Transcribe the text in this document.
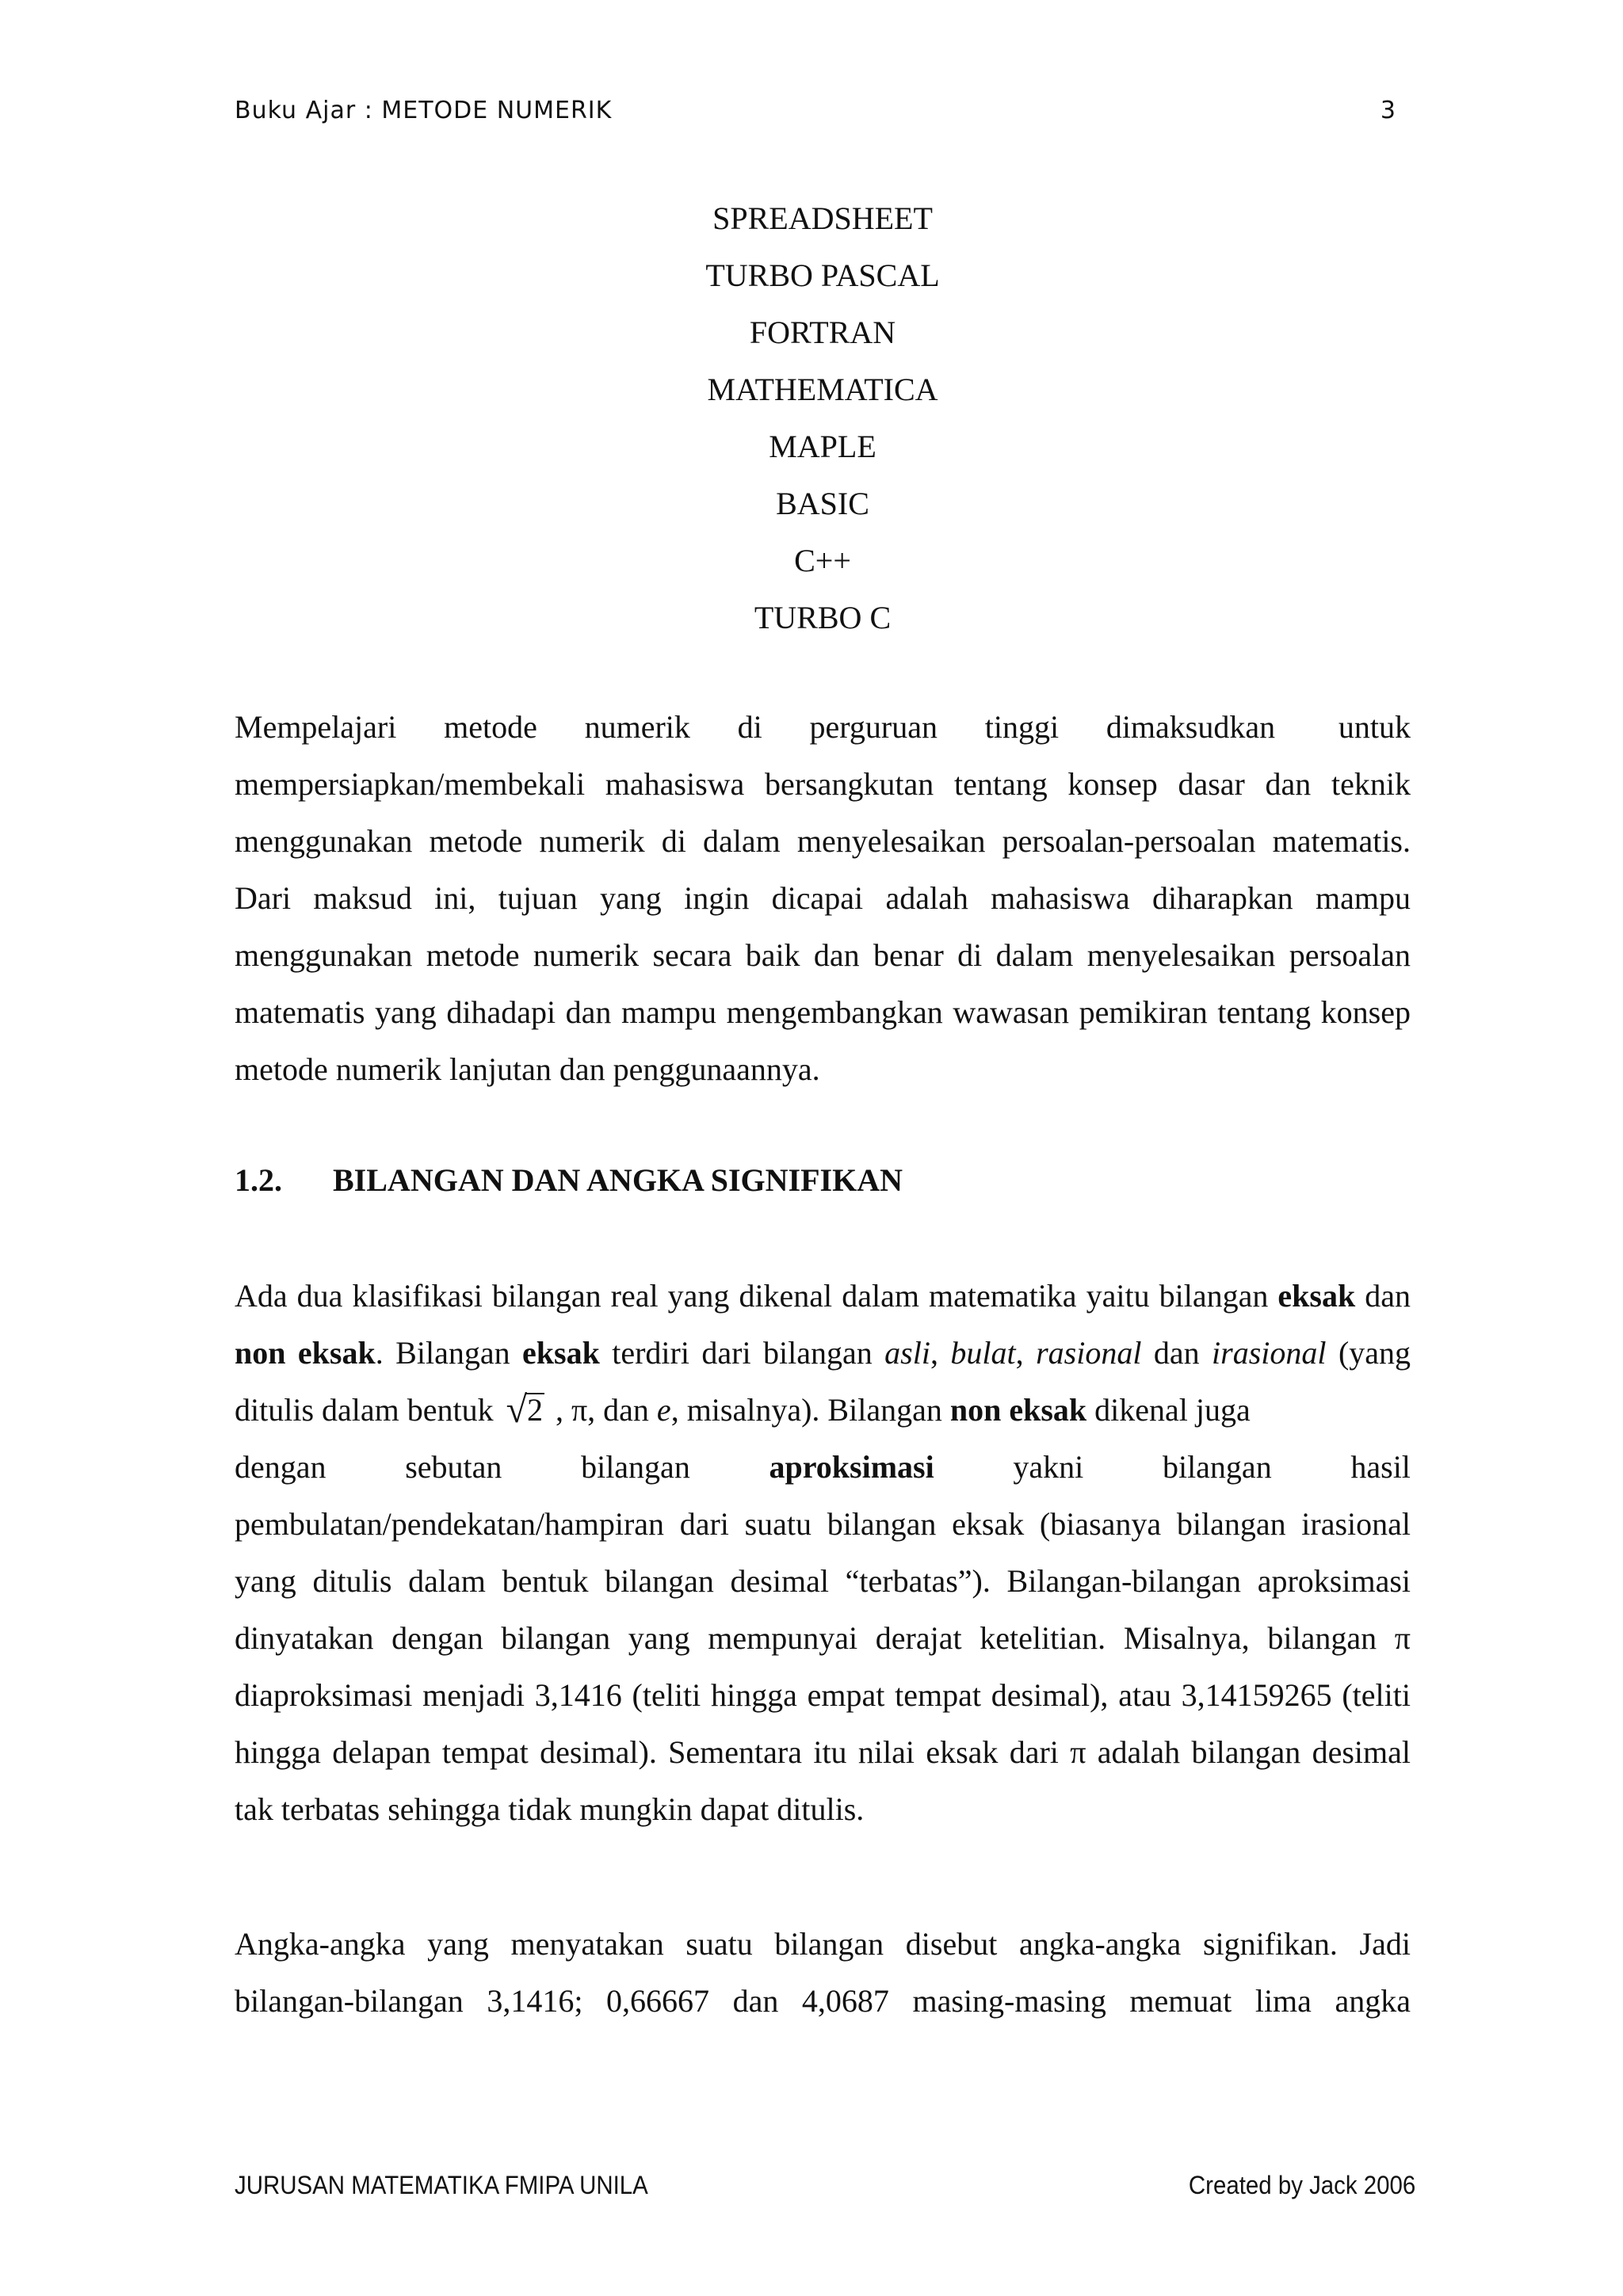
Buku Ajar : METODE NUMERIK	3
SPREADSHEET
TURBO PASCAL
FORTRAN
MATHEMATICA
MAPLE
BASIC
C++
TURBO C
Mempelajari metode numerik di perguruan tinggi dimaksudkan	untuk
mempersiapkan/membekali mahasiswa bersangkutan tentang konsep dasar dan teknik menggunakan metode numerik di dalam menyelesaikan persoalan-persoalan matematis. Dari maksud ini, tujuan yang ingin dicapai adalah mahasiswa diharapkan mampu menggunakan metode numerik secara baik dan benar di dalam menyelesaikan persoalan matematis yang dihadapi dan mampu mengembangkan wawasan pemikiran tentang konsep metode numerik lanjutan dan penggunaannya.
1.2. BILANGAN DAN ANGKA SIGNIFIKAN
Ada dua klasifikasi bilangan real yang dikenal dalam matematika yaitu bilangan eksak dan non eksak. Bilangan eksak terdiri dari bilangan asli, bulat, rasional dan irasional (yang ditulis dalam bentuk √2 , π, dan e, misalnya). Bilangan non eksak dikenal juga
dengan sebutan bilangan aproksimasi yakni bilangan hasil
pembulatan/pendekatan/hampiran dari suatu bilangan eksak (biasanya bilangan irasional yang ditulis dalam bentuk bilangan desimal “terbatas”). Bilangan-bilangan aproksimasi dinyatakan dengan bilangan yang mempunyai derajat ketelitian. Misalnya, bilangan π diaproksimasi menjadi 3,1416 (teliti hingga empat tempat desimal), atau 3,14159265 (teliti hingga delapan tempat desimal). Sementara itu nilai eksak dari π adalah bilangan desimal tak terbatas sehingga tidak mungkin dapat ditulis.
Angka-angka yang menyatakan suatu bilangan disebut angka-angka signifikan. Jadi bilangan-bilangan 3,1416; 0,66667 dan 4,0687 masing-masing memuat lima angka
JURUSAN MATEMATIKA FMIPA UNILA	Created by Jack 2006
